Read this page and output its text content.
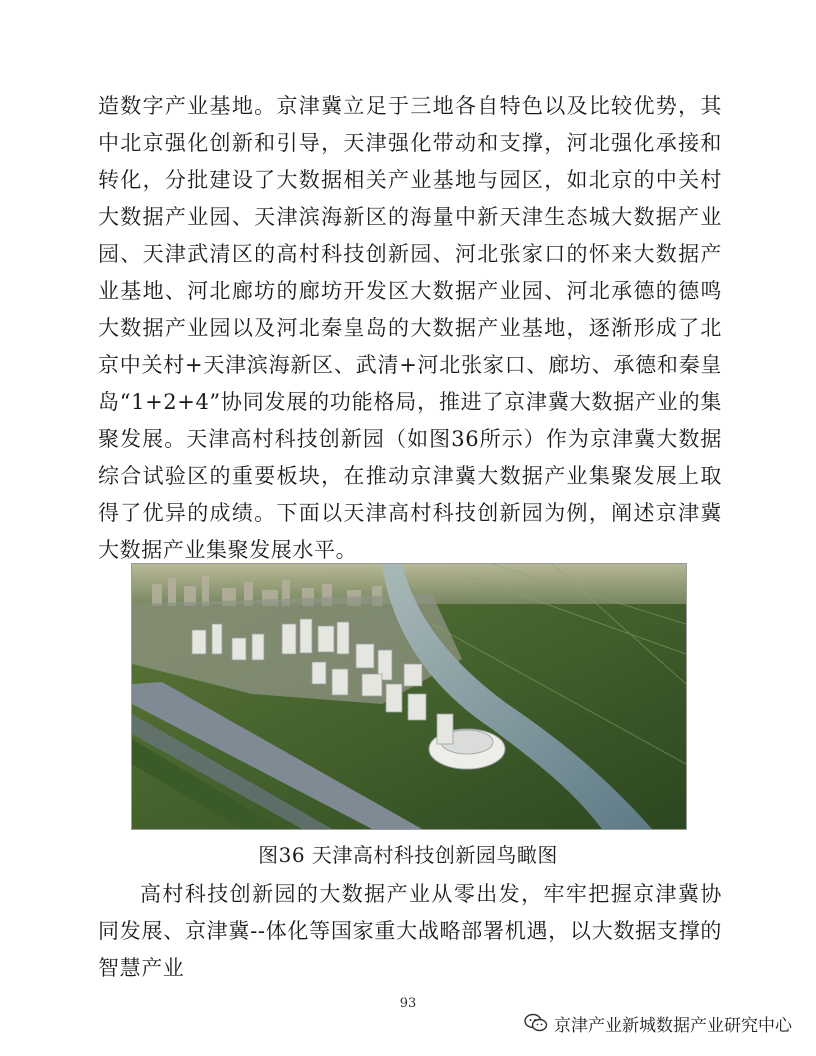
造数字产业基地。京津冀立足于三地各自特色以及比较优势，其中北京强化创新和引导，天津强化带动和支撑，河北强化承接和转化，分批建设了大数据相关产业基地与园区，如北京的中关村大数据产业园、天津滨海新区的海量中新天津生态城大数据产业园、天津武清区的高村科技创新园、河北张家口的怀来大数据产业基地、河北廊坊的廊坊开发区大数据产业园、河北承德的德鸣大数据产业园以及河北秦皇岛的大数据产业基地，逐渐形成了北京中关村+天津滨海新区、武清+河北张家口、廊坊、承德和秦皇岛“1+2+4”协同发展的功能格局，推进了京津冀大数据产业的集聚发展。天津高村科技创新园（如图36所示）作为京津冀大数据综合试验区的重要板块，在推动京津冀大数据产业集聚发展上取得了优异的成绩。下面以天津高村科技创新园为例，阐述京津冀大数据产业集聚发展水平。

图36 天津高村科技创新园鸟瞰图

高村科技创新园的大数据产业从零出发，牢牢把握京津冀协同发展、京津冀--体化等国家重大战略部署机遇，以大数据支撑的智慧产业

93
京津产业新城数据产业研究中心
